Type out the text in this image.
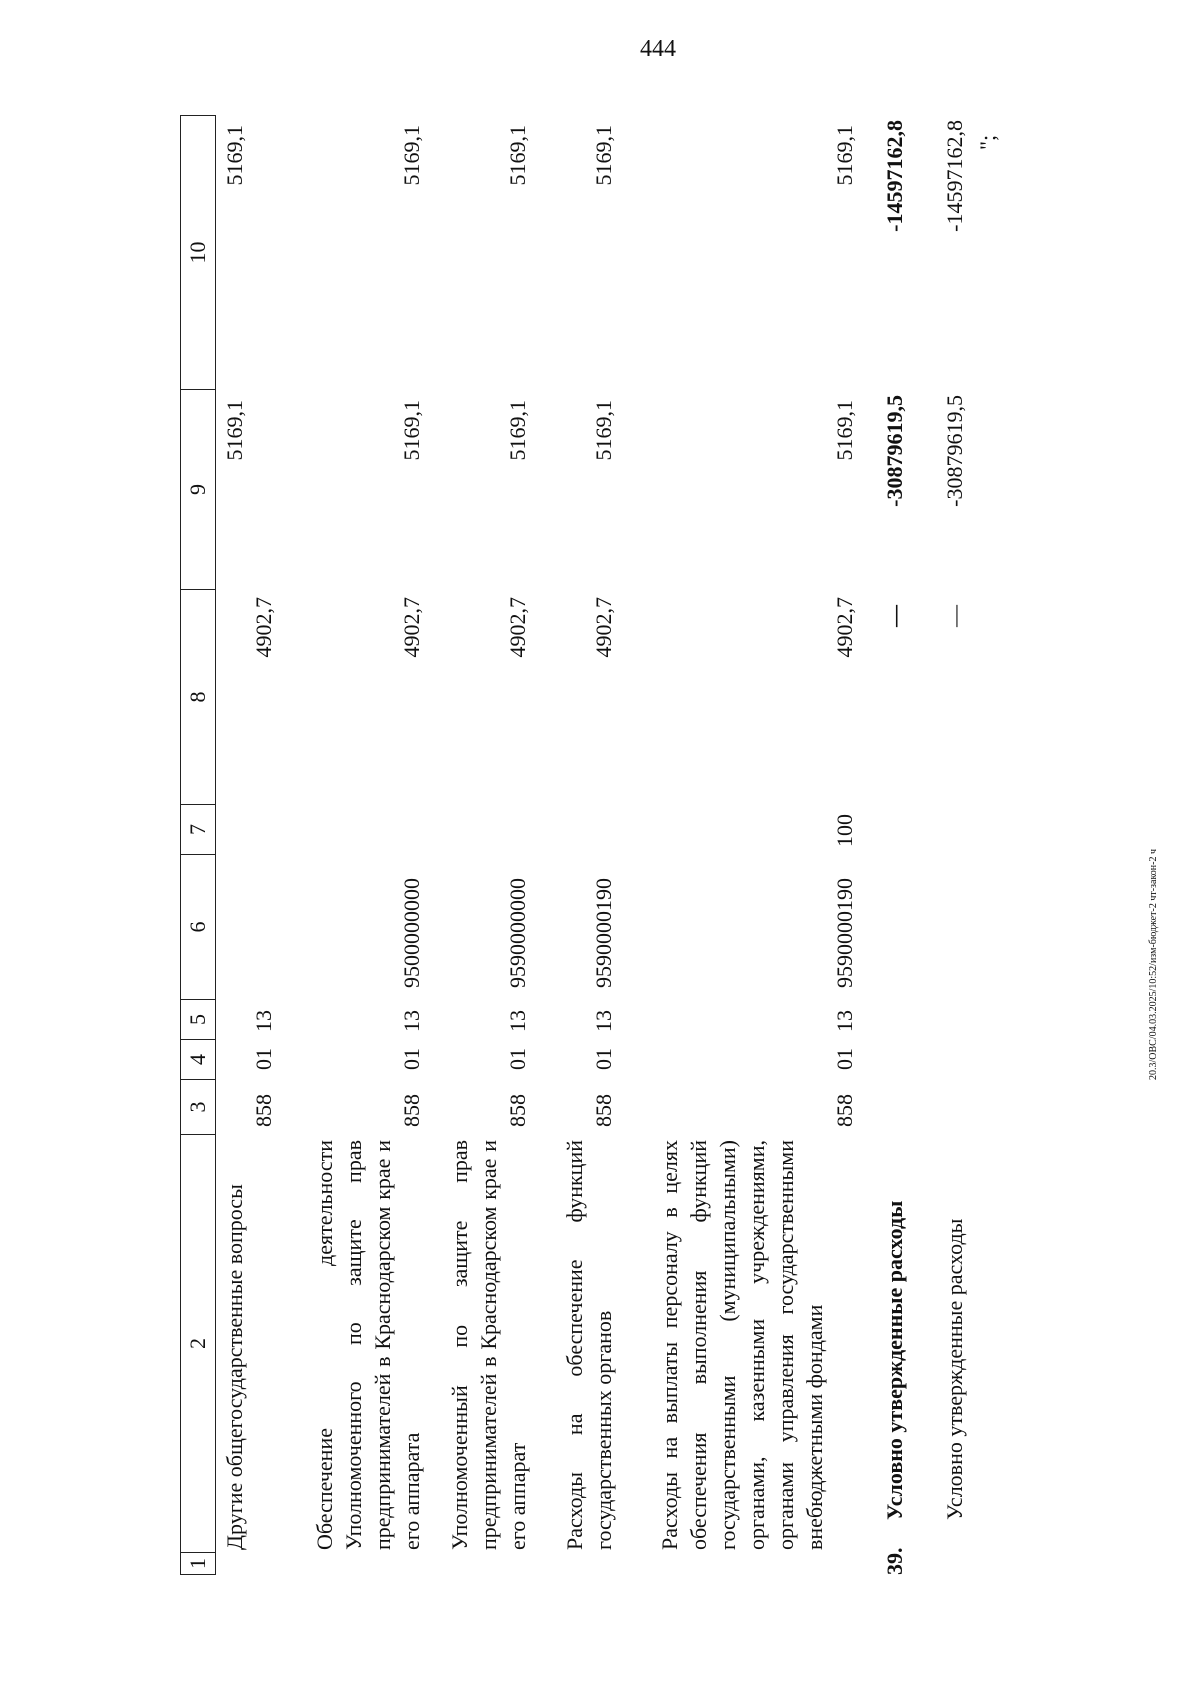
444
20.3/ОВС/04.03.2025/10:52/изм-бюджет-2 чт-закон-2 ч
1
2
3
4
5
6
7
8
9
10
Другие общегосударственные вопросы
858
01
13
4902,7
5169,1
5169,1
Обеспечение деятельности Уполномоченного по защите прав предпринимателей в Краснодарском крае и его аппарата
858
01
13
9500000000
4902,7
5169,1
5169,1
Уполномоченный по защите прав предпринимателей в Краснодарском крае и его аппарат
858
01
13
9590000000
4902,7
5169,1
5169,1
Расходы на обеспечение функций государственных органов
858
01
13
9590000190
4902,7
5169,1
5169,1
Расходы на выплаты персоналу в целях обеспечения выполнения функций государственными (муниципальными) органами, казенными учреждениями, органами управления государственными внебюджетными фондами
858
01
13
9590000190
100
4902,7
5169,1
5169,1
39.
Условно утвержденные расходы
—
-30879619,5
-14597162,8
Условно утвержденные расходы
—
-30879619,5
-14597162,8 ";
